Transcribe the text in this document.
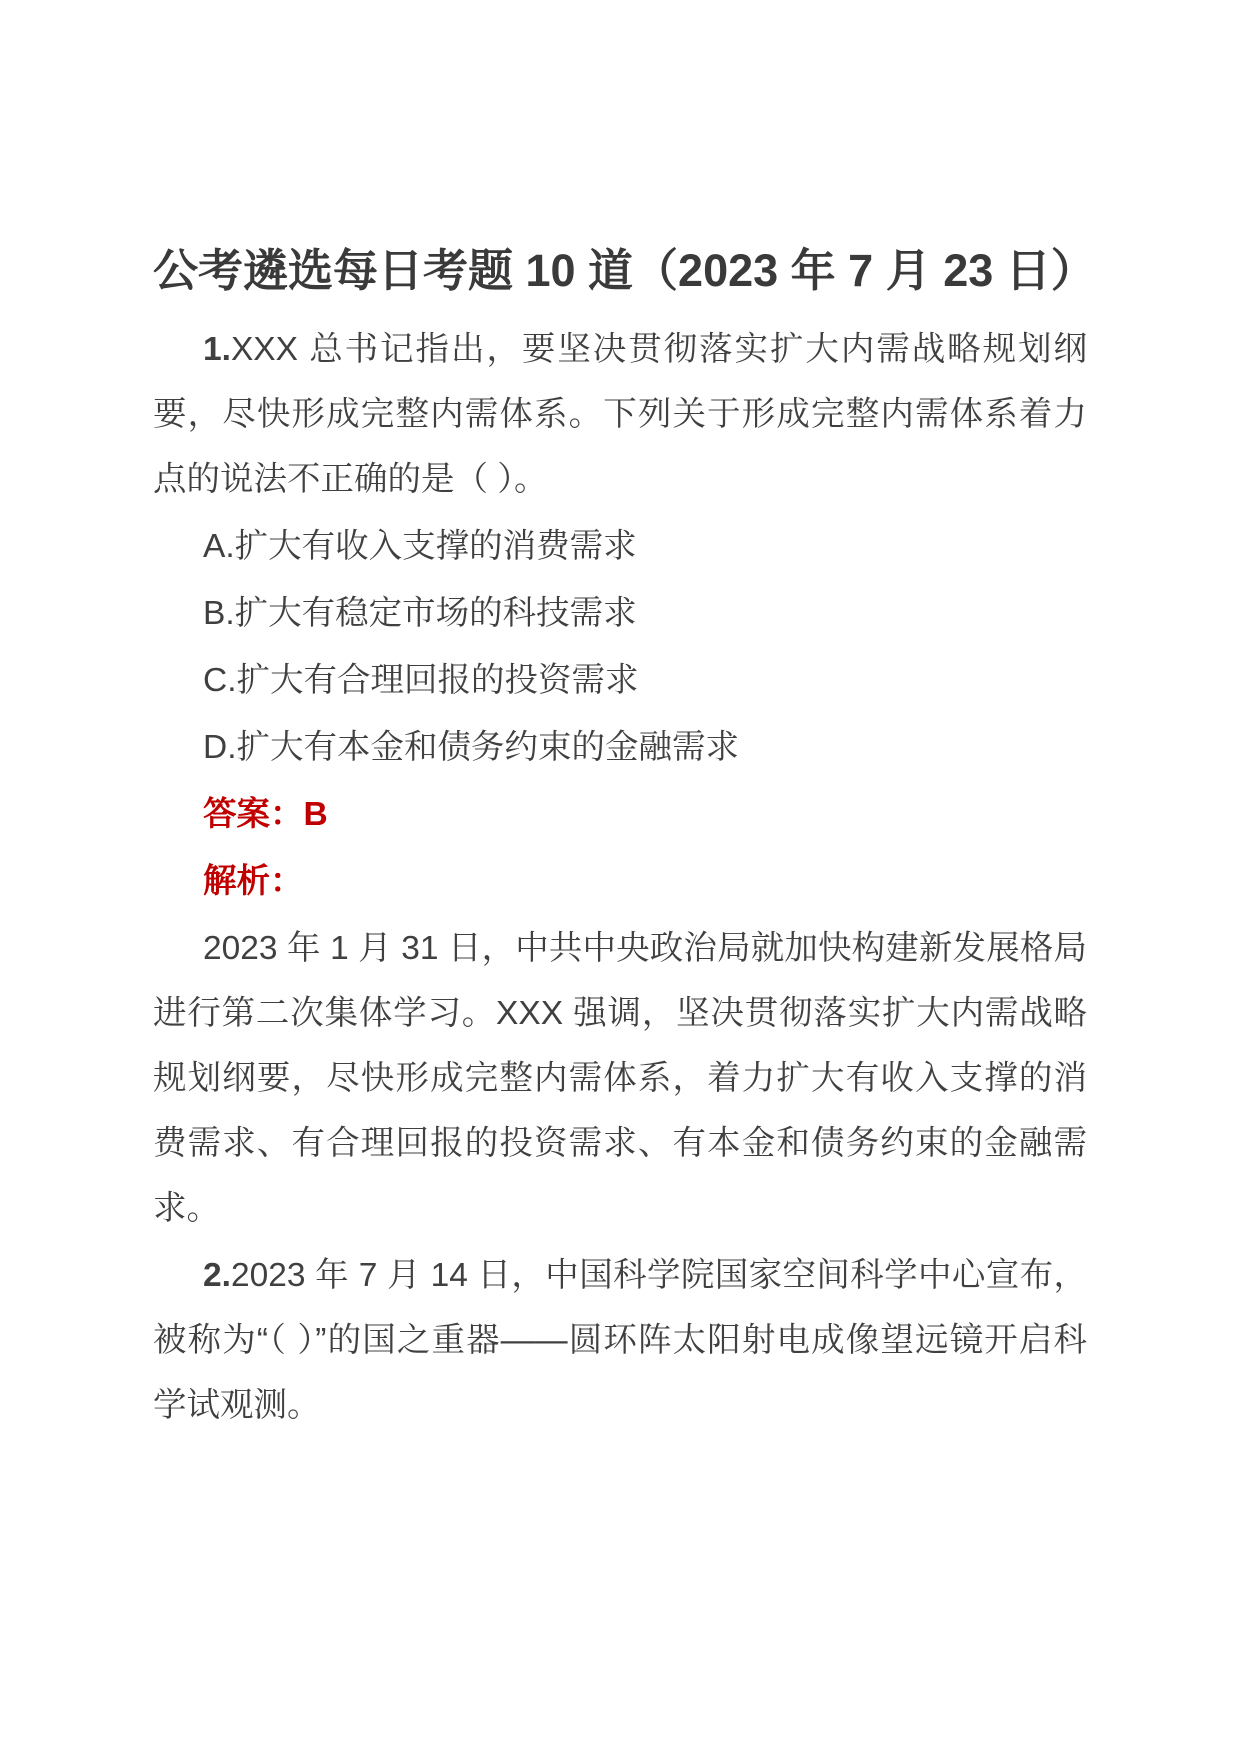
公考遴选每日考题 10 道（2023 年 7 月 23 日）

1.XXX 总书记指出，要坚决贯彻落实扩大内需战略规划纲要，尽快形成完整内需体系。下列关于形成完整内需体系着力点的说法不正确的是（ ）。

A.扩大有收入支撑的消费需求

B.扩大有稳定市场的科技需求

C.扩大有合理回报的投资需求

D.扩大有本金和债务约束的金融需求

答案：B

解析：

2023 年 1 月 31 日，中共中央政治局就加快构建新发展格局进行第二次集体学习。XXX 强调，坚决贯彻落实扩大内需战略规划纲要，尽快形成完整内需体系，着力扩大有收入支撑的消费需求、有合理回报的投资需求、有本金和债务约束的金融需求。

2.2023 年 7 月 14 日，中国科学院国家空间科学中心宣布，被称为“（ ）”的国之重器——圆环阵太阳射电成像望远镜开启科学试观测。
